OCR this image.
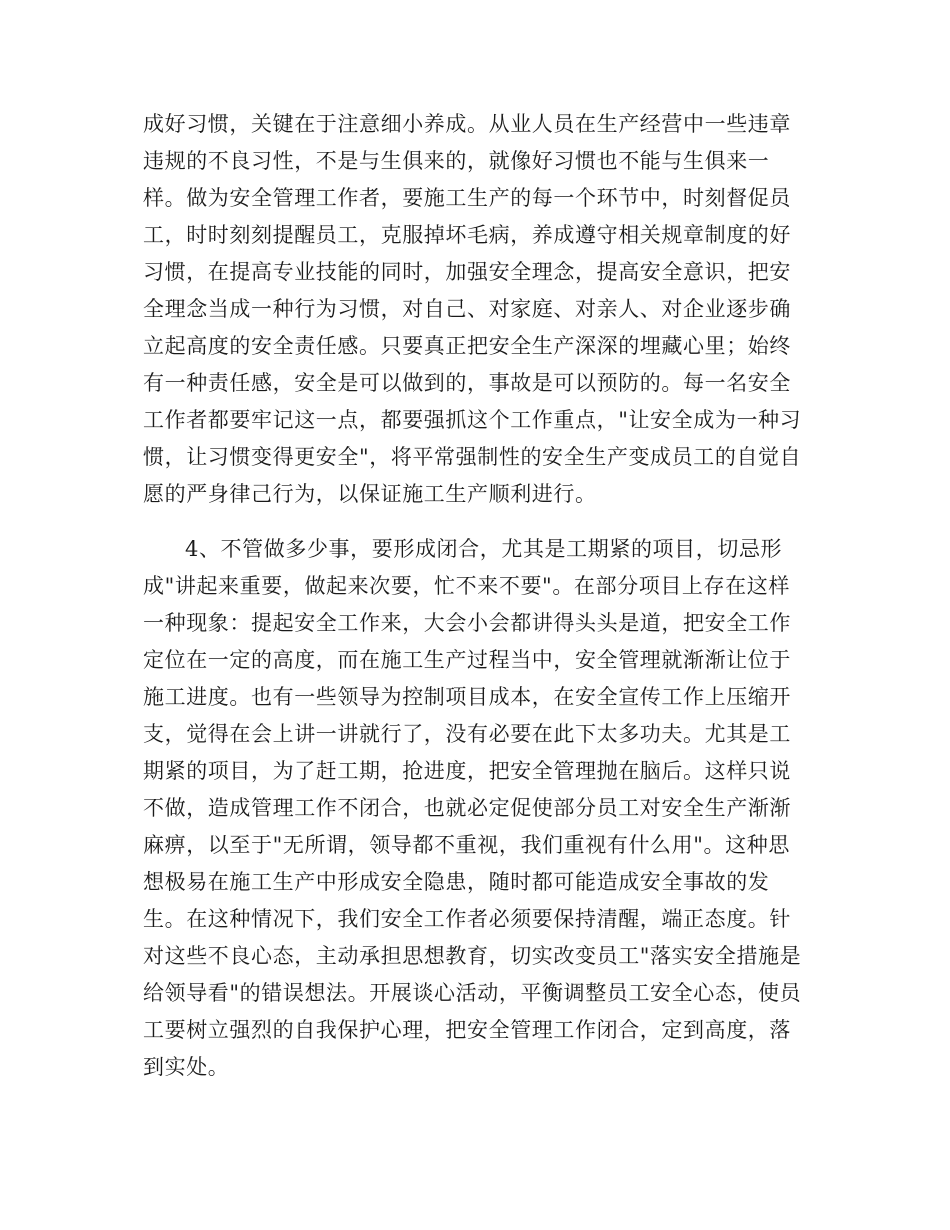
成好习惯，关键在于注意细小养成。从业人员在生产经营中一些违章
违规的不良习性，不是与生俱来的，就像好习惯也不能与生俱来一
样。做为安全管理工作者，要施工生产的每一个环节中，时刻督促员
工，时时刻刻提醒员工，克服掉坏毛病，养成遵守相关规章制度的好
习惯，在提高专业技能的同时，加强安全理念，提高安全意识，把安
全理念当成一种行为习惯，对自己、对家庭、对亲人、对企业逐步确
立起高度的安全责任感。只要真正把安全生产深深的埋藏心里；始终
有一种责任感，安全是可以做到的，事故是可以预防的。每一名安全
工作者都要牢记这一点，都要强抓这个工作重点，"让安全成为一种习
惯，让习惯变得更安全"，将平常强制性的安全生产变成员工的自觉自
愿的严身律己行为，以保证施工生产顺利进行。
4、不管做多少事，要形成闭合，尤其是工期紧的项目，切忌形
成"讲起来重要，做起来次要，忙不来不要"。在部分项目上存在这样
一种现象：提起安全工作来，大会小会都讲得头头是道，把安全工作
定位在一定的高度，而在施工生产过程当中，安全管理就渐渐让位于
施工进度。也有一些领导为控制项目成本，在安全宣传工作上压缩开
支，觉得在会上讲一讲就行了，没有必要在此下太多功夫。尤其是工
期紧的项目，为了赶工期，抢进度，把安全管理抛在脑后。这样只说
不做，造成管理工作不闭合，也就必定促使部分员工对安全生产渐渐
麻痹，以至于"无所谓，领导都不重视，我们重视有什么用"。这种思
想极易在施工生产中形成安全隐患，随时都可能造成安全事故的发
生。在这种情况下，我们安全工作者必须要保持清醒，端正态度。针
对这些不良心态，主动承担思想教育，切实改变员工"落实安全措施是
给领导看"的错误想法。开展谈心活动，平衡调整员工安全心态，使员
工要树立强烈的自我保护心理，把安全管理工作闭合，定到高度，落
到实处。
